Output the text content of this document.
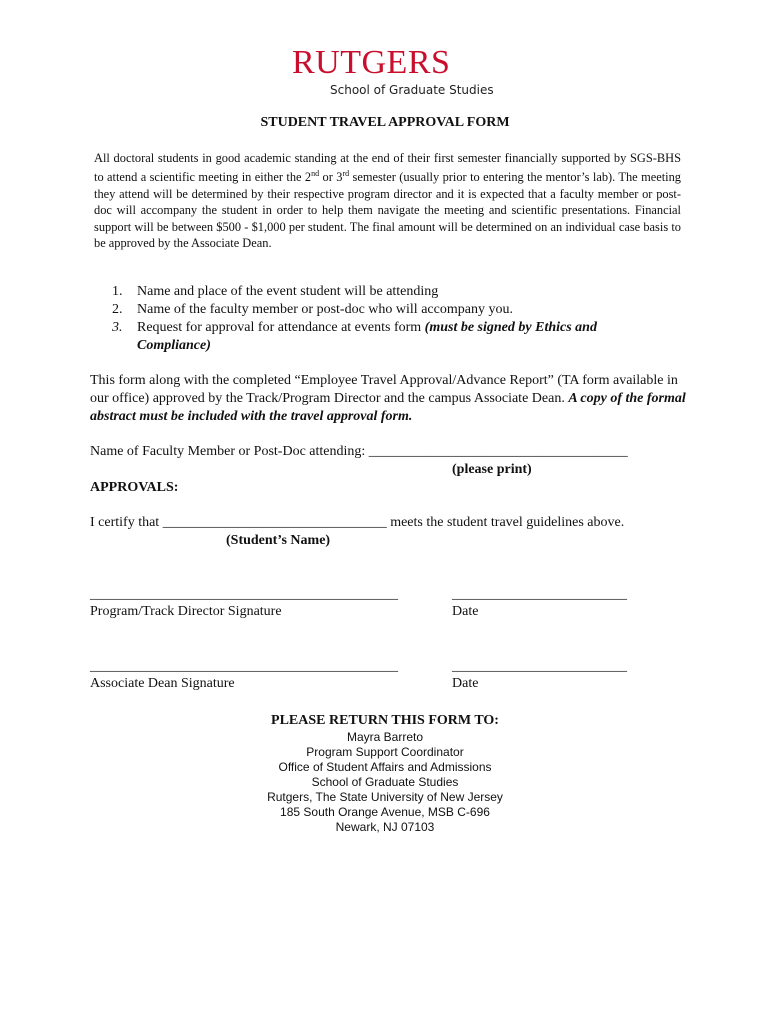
RUTGERS
School of Graduate Studies
STUDENT TRAVEL APPROVAL FORM
All doctoral students in good academic standing at the end of their first semester financially supported by SGS-BHS to attend a scientific meeting in either the 2nd or 3rd semester (usually prior to entering the mentor’s lab). The meeting they attend will be determined by their respective program director and it is expected that a faculty member or post-doc will accompany the student in order to help them navigate the meeting and scientific presentations. Financial support will be between $500 - $1,000 per student. The final amount will be determined on an individual case basis to be approved by the Associate Dean.
1.	Name and place of the event student will be attending
2.	Name of the faculty member or post-doc who will accompany you.
3.	Request for approval for attendance at events form (must be signed by Ethics and Compliance)
This form along with the completed “Employee Travel Approval/Advance Report” (TA form available in our office) approved by the Track/Program Director and the campus Associate Dean. A copy of the formal abstract must be included with the travel approval form.
Name of Faculty Member or Post-Doc attending: _____________________________________
(please print)
APPROVALS:
I certify that ________________________________ meets the student travel guidelines above.
(Student’s Name)
____________________________________________	_________________________
Program/Track Director Signature	Date
____________________________________________	_________________________
Associate Dean Signature	Date
PLEASE RETURN THIS FORM TO:
Mayra Barreto
Program Support Coordinator
Office of Student Affairs and Admissions
School of Graduate Studies
Rutgers, The State University of New Jersey
185 South Orange Avenue, MSB C-696
Newark, NJ 07103
